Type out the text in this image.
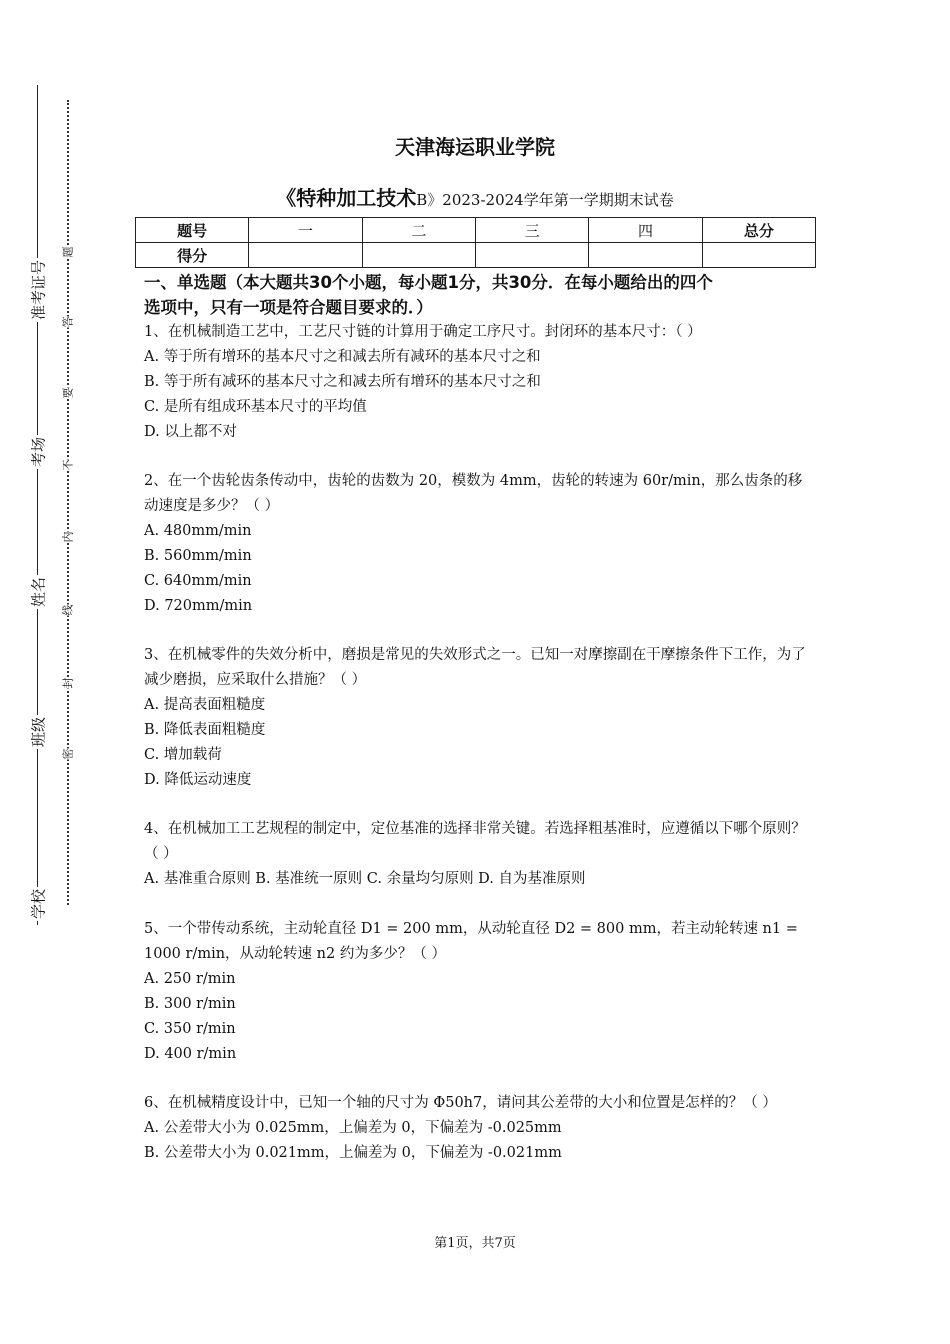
准考证号
考场
姓名
班级
学校
题
答
要
不
内
线
封
密
天津海运职业学院
《特种加工技术B》2023-2024学年第一学期期末试卷
题号	一	二	三	四	总分
得分					
一、单选题（本大题共30个小题，每小题1分，共30分．在每小题给出的四个
选项中，只有一项是符合题目要求的．）
1、在机械制造工艺中，工艺尺寸链的计算用于确定工序尺寸。封闭环的基本尺寸：（ ）
A. 等于所有增环的基本尺寸之和减去所有减环的基本尺寸之和
B. 等于所有减环的基本尺寸之和减去所有增环的基本尺寸之和
C. 是所有组成环基本尺寸的平均值
D. 以上都不对
2、在一个齿轮齿条传动中，齿轮的齿数为 20，模数为 4mm，齿轮的转速为 60r/min，那么齿条的移动速度是多少？（ ）
A. 480mm/min
B. 560mm/min
C. 640mm/min
D. 720mm/min
3、在机械零件的失效分析中，磨损是常见的失效形式之一。已知一对摩擦副在干摩擦条件下工作，为了减少磨损，应采取什么措施？（ ）
A. 提高表面粗糙度
B. 降低表面粗糙度
C. 增加载荷
D. 降低运动速度
4、在机械加工工艺规程的制定中，定位基准的选择非常关键。若选择粗基准时，应遵循以下哪个原则？（ ）
A. 基准重合原则 B. 基准统一原则 C. 余量均匀原则 D. 自为基准原则
5、一个带传动系统，主动轮直径 D1 = 200 mm，从动轮直径 D2 = 800 mm，若主动轮转速 n1 = 1000 r/min，从动轮转速 n2 约为多少？（ ）
A. 250 r/min
B. 300 r/min
C. 350 r/min
D. 400 r/min
6、在机械精度设计中，已知一个轴的尺寸为 Φ50h7，请问其公差带的大小和位置是怎样的？（ ）
A. 公差带大小为 0.025mm，上偏差为 0，下偏差为 -0.025mm
B. 公差带大小为 0.021mm，上偏差为 0，下偏差为 -0.021mm
第1页，共7页
